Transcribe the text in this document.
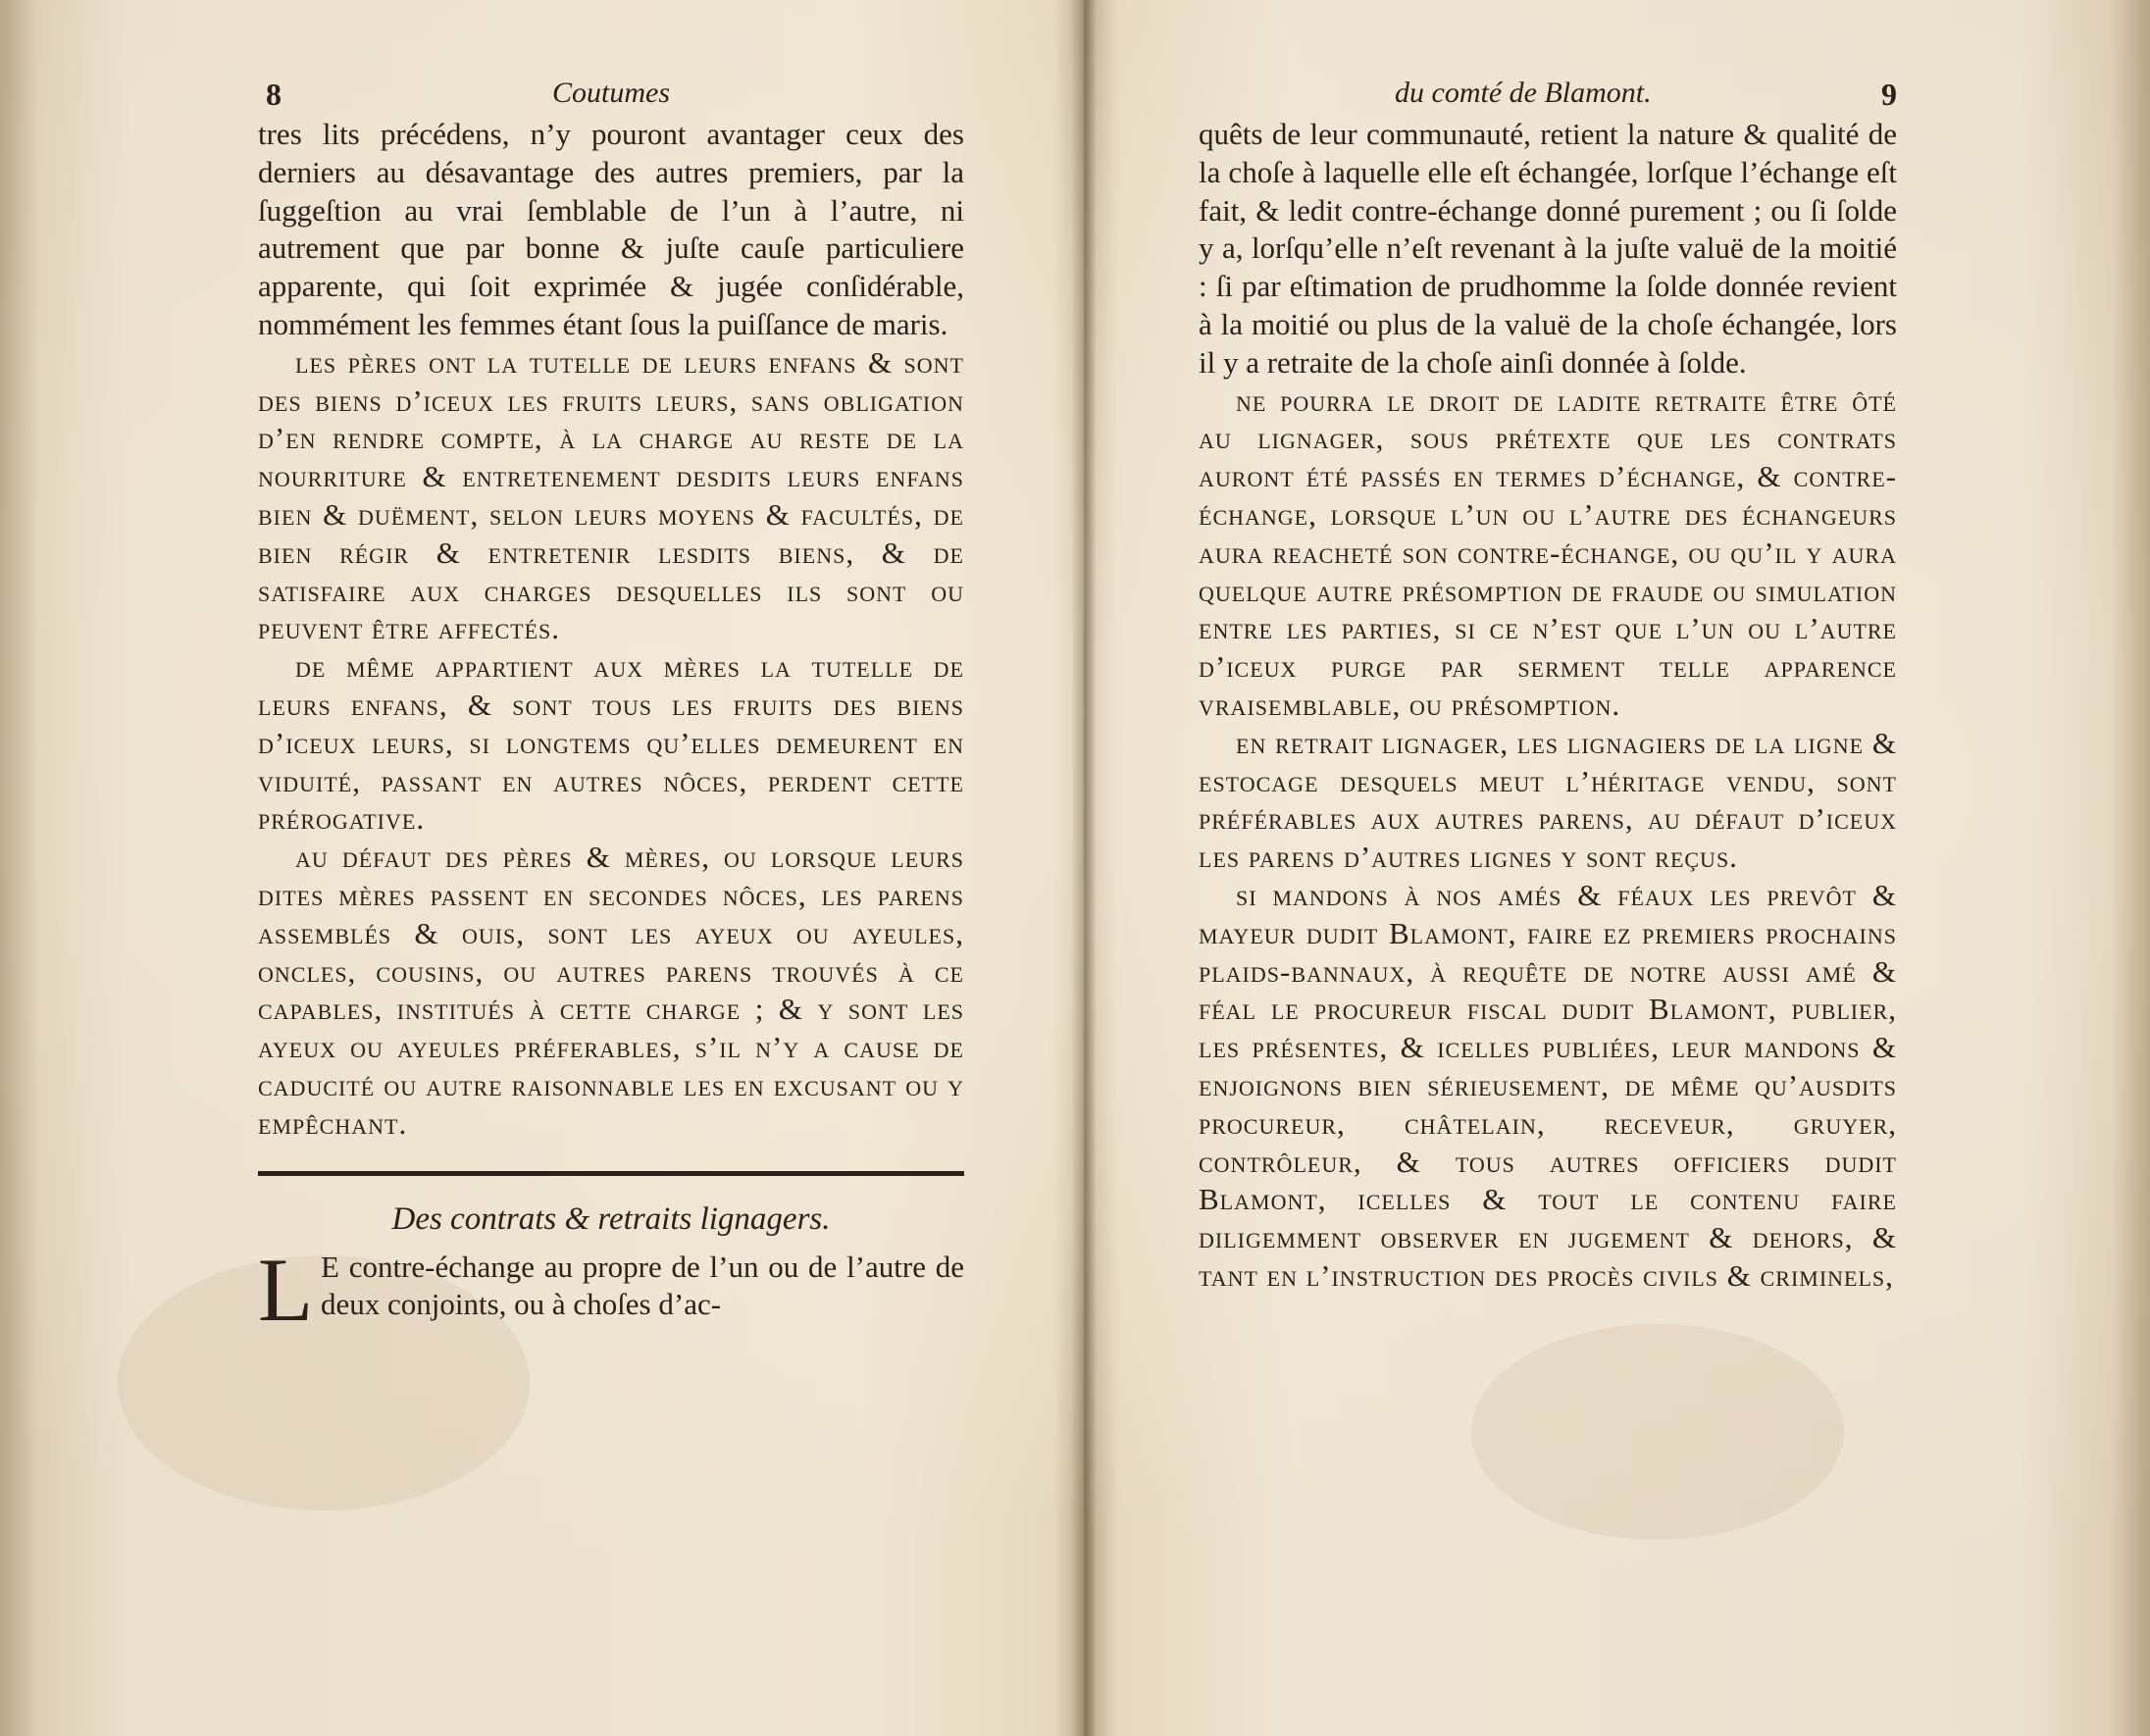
8	Coutumes

tres lits précédens, n’y pouront avantager ceux des derniers au désavantage des autres premiers, par la ſuggeſtion au vrai ſemblable de l’un à l’autre, ni autrement que par bonne & juſte cauſe particuliere apparente, qui ſoit exprimée & jugée conſidérable, nommément les femmes étant ſous la puiſſance de maris.

les pères ont la tutelle de leurs enfans & ſont des biens d’iceux les fruits leurs, ſans obligation d’en rendre compte, à la charge au reſte de la nourriture & entretenement deſdits leurs enfans bien & duëment, ſelon leurs moyens & facultés, de bien régir & entretenir leſdits biens, & de ſatisfaire aux charges deſquelles ils ſont ou peuvent être affectés.

de même appartient aux mères la tutelle de leurs enfans, & ſont tous les fruits des biens d’iceux leurs, ſi longtems qu’elles demeurent en viduité, paſſant en autres nôces, perdent cette prérogative.

au défaut des pères & mères, ou lorſque leurs dites mères paſſent en ſecondes nôces, les parens aſſemblés & ouis, ſont les ayeux ou ayeules, oncles, couſins, ou autres parens trouvés à ce capables, inſtitués à cette charge ; & y ſont les ayeux ou ayeules préferables, s’il n’y a cauſe de caducité ou autre raiſonnable les en excuſant ou y empêchant.

Des contrats & retraits lignagers.
L E contre-échange au propre de l’un ou de l’autre de deux conjoints, ou à choſes d’ac-
du comté de Blamont.	9

quêts de leur communauté, retient la nature & qualité de la choſe à laquelle elle eſt échangée, lorſque l’échange eſt fait, & ledit contre-échange donné purement ; ou ſi ſolde y a, lorſqu’elle n’eſt revenant à la juſte valuë de la moitié : ſi par eſtimation de prudhomme la ſolde donnée revient à la moitié ou plus de la valuë de la choſe échangée, lors il y a retraite de la choſe ainſi donnée à ſolde.

ne pourra le droit de ladite retraite être ôté au lignager, ſous prétexte que les contrats auront été paſſés en termes d’échange, & contre-échange, lorſque l’un ou l’autre des échangeurs aura reacheté ſon contre-échange, ou qu’il y aura quelque autre préſomption de fraude ou ſimulation entre les parties, ſi ce n’eſt que l’un ou l’autre d’iceux purge par ſerment telle apparence vraiſemblable, ou préſomption.

en retrait lignager, les lignagiers de la ligne & eſtocage deſquels meut l’héritage vendu, ſont préférables aux autres parens, au défaut d’iceux les parens d’autres lignes y ſont reçus.

si mandons à nos amés & féaux les prevôt & mayeur dudit Blamont, faire ez premiers prochains plaids-bannaux, à requête de notre auſſi amé & féal le procureur fiſcal dudit Blamont, publier, les préſentes, & icelles publiées, leur mandons & enjoignons bien ſérieuſement, de même qu’auſdits procureur, châtelain, receveur, gruyer, contrôleur, & tous autres officiers dudit Blamont, icelles & tout le contenu faire diligemment obſerver en jugement & dehors, & tant en l’inſtruction des procès civils & criminels,
